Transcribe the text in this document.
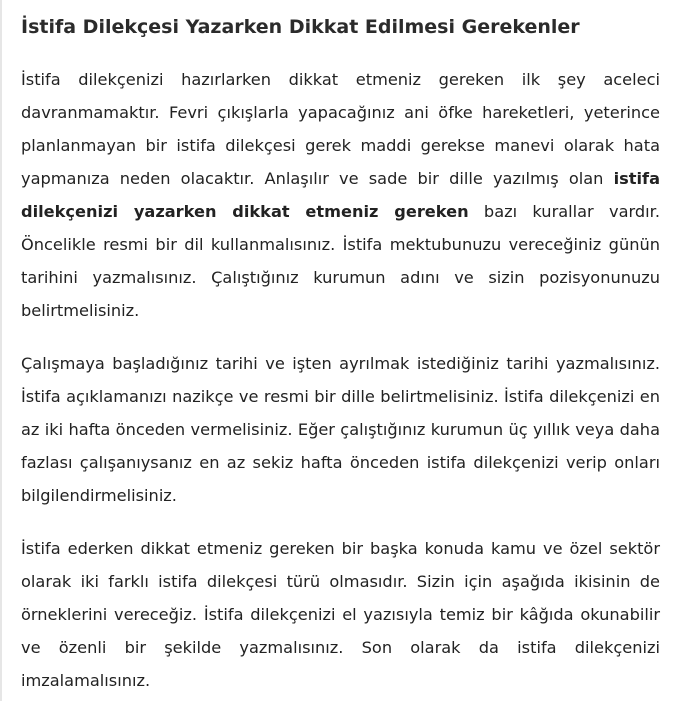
İstifa Dilekçesi Yazarken Dikkat Edilmesi Gerekenler

İstifa dilekçenizi hazırlarken dikkat etmeniz gereken ilk şey aceleci davranmamaktır. Fevri çıkışlarla yapacağınız ani öfke hareketleri, yeterince planlanmayan bir istifa dilekçesi gerek maddi gerekse manevi olarak hata yapmanıza neden olacaktır. Anlaşılır ve sade bir dille yazılmış olan istifa dilekçenizi yazarken dikkat etmeniz gereken bazı kurallar vardır. Öncelikle resmi bir dil kullanmalısınız. İstifa mektubunuzu vereceğiniz günün tarihini yazmalısınız. Çalıştığınız kurumun adını ve sizin pozisyonunuzu belirtmelisiniz.

Çalışmaya başladığınız tarihi ve işten ayrılmak istediğiniz tarihi yazmalısınız. İstifa açıklamanızı nazikçe ve resmi bir dille belirtmelisiniz. İstifa dilekçenizi en az iki hafta önceden vermelisiniz. Eğer çalıştığınız kurumun üç yıllık veya daha fazlası çalışanıysanız en az sekiz hafta önceden istifa dilekçenizi verip onları bilgilendirmelisiniz.

İstifa ederken dikkat etmeniz gereken bir başka konuda kamu ve özel sektör olarak iki farklı istifa dilekçesi türü olmasıdır. Sizin için aşağıda ikisinin de örneklerini vereceğiz. İstifa dilekçenizi el yazısıyla temiz bir kâğıda okunabilir ve özenli bir şekilde yazmalısınız. Son olarak da istifa dilekçenizi imzalamalısınız.
